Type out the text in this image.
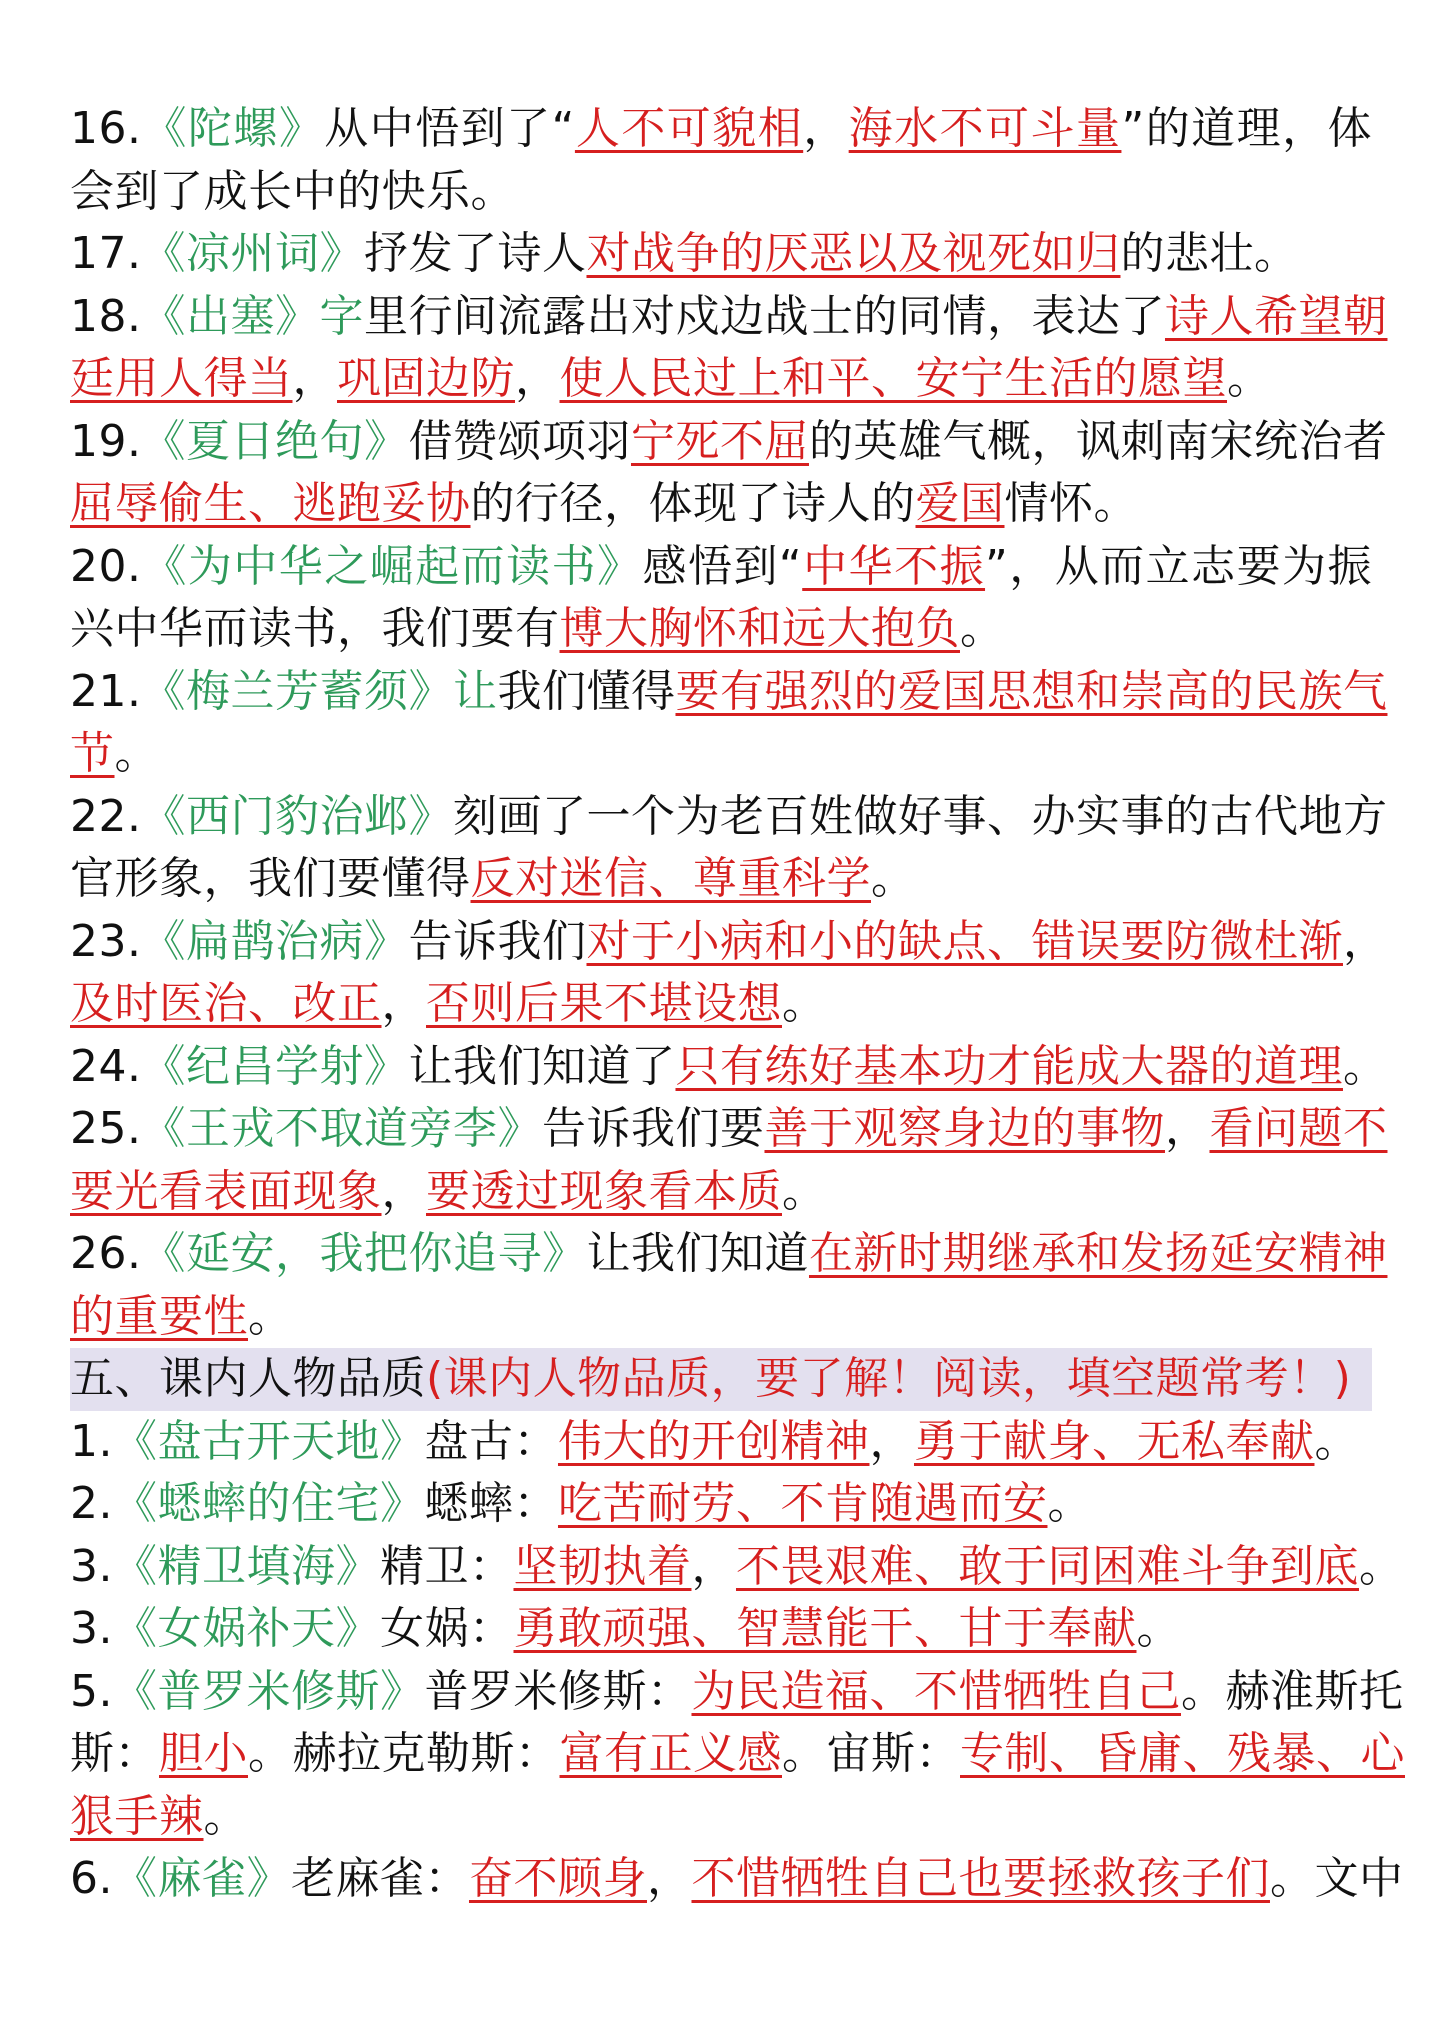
16.《陀螺》从中悟到了“人不可貌相，海水不可斗量”的道理，体
会到了成长中的快乐。
17.《凉州词》抒发了诗人对战争的厌恶以及视死如归的悲壮。
18.《出塞》字里行间流露出对戍边战士的同情，表达了诗人希望朝
廷用人得当，巩固边防，使人民过上和平、安宁生活的愿望。
19.《夏日绝句》借赞颂项羽宁死不屈的英雄气概，讽刺南宋统治者
屈辱偷生、逃跑妥协的行径，体现了诗人的爱国情怀。
20.《为中华之崛起而读书》感悟到“中华不振”，从而立志要为振
兴中华而读书，我们要有博大胸怀和远大抱负。
21.《梅兰芳蓄须》让我们懂得要有强烈的爱国思想和崇高的民族气
节。
22.《西门豹治邺》刻画了一个为老百姓做好事、办实事的古代地方
官形象，我们要懂得反对迷信、尊重科学。
23.《扁鹊治病》告诉我们对于小病和小的缺点、错误要防微杜渐，
及时医治、改正，否则后果不堪设想。
24.《纪昌学射》让我们知道了只有练好基本功才能成大器的道理。
25.《王戎不取道旁李》告诉我们要善于观察身边的事物，看问题不
要光看表面现象，要透过现象看本质。
26.《延安，我把你追寻》让我们知道在新时期继承和发扬延安精神
的重要性。
五、课内人物品质(课内人物品质，要了解！阅读，填空题常考！)
1.《盘古开天地》盘古：伟大的开创精神，勇于献身、无私奉献。
2.《蟋蟀的住宅》蟋蟀：吃苦耐劳、不肯随遇而安。
3.《精卫填海》精卫：坚韧执着，不畏艰难、敢于同困难斗争到底。
3.《女娲补天》女娲：勇敢顽强、智慧能干、甘于奉献。
5.《普罗米修斯》普罗米修斯：为民造福、不惜牺牲自己。赫淮斯托
斯：胆小。赫拉克勒斯：富有正义感。宙斯：专制、昏庸、残暴、心
狠手辣。
6.《麻雀》老麻雀：奋不顾身，不惜牺牲自己也要拯救孩子们。文中
